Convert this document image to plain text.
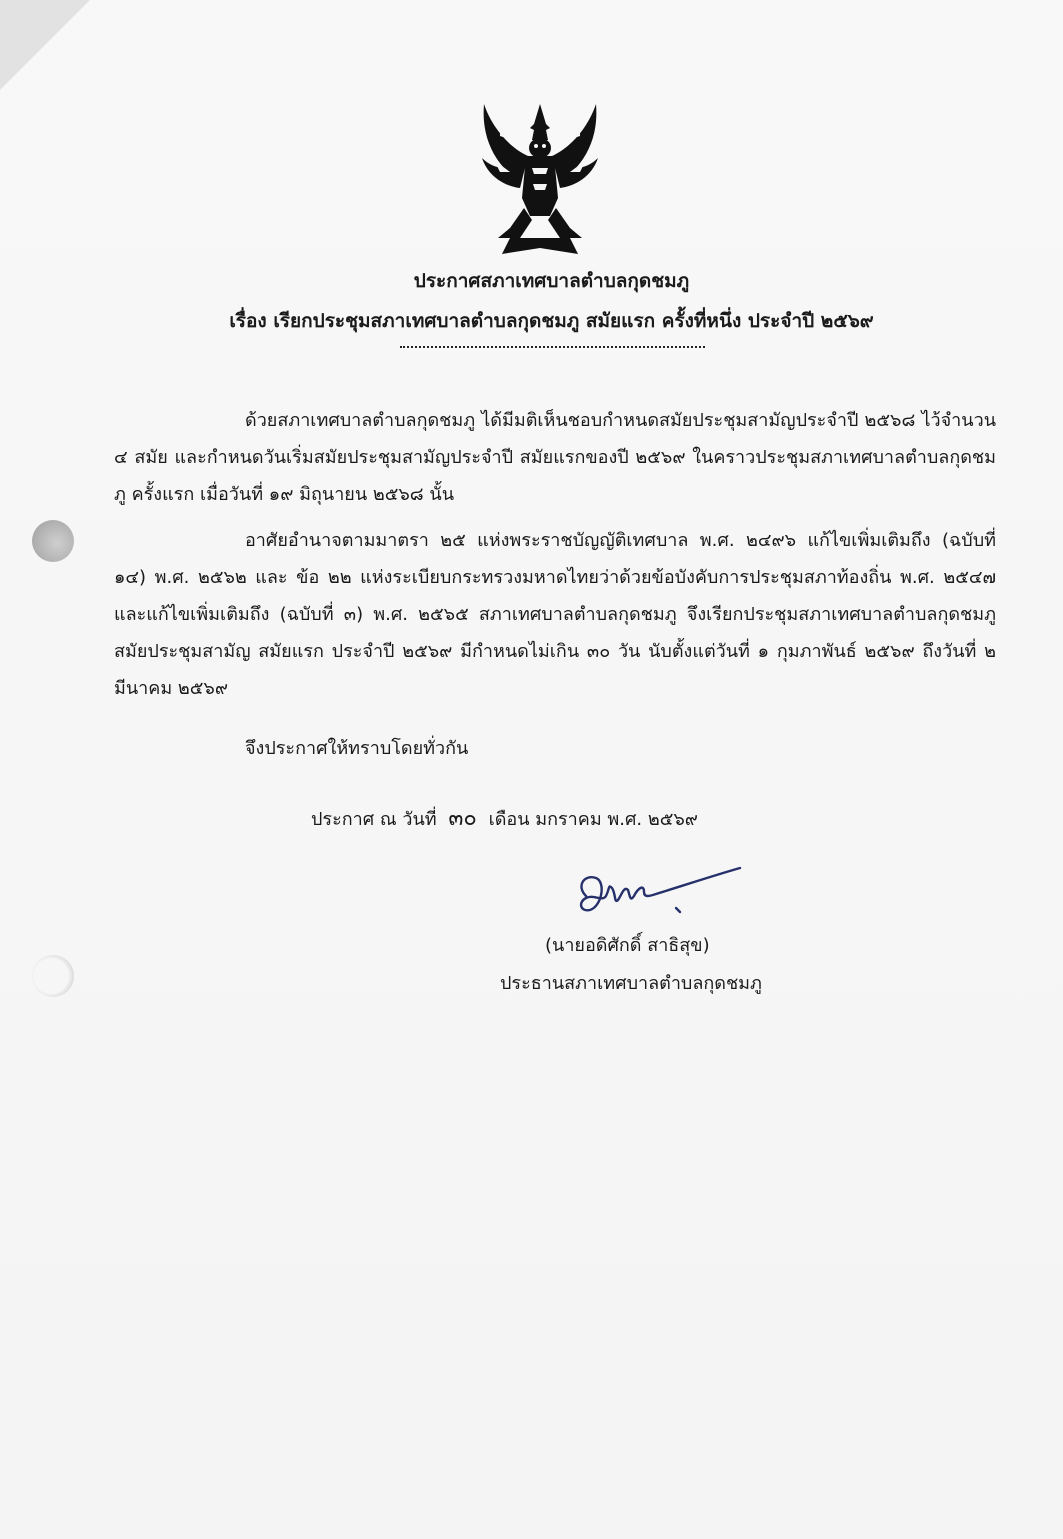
ประกาศสภาเทศบาลตำบลกุดชมภู
เรื่อง เรียกประชุมสภาเทศบาลตำบลกุดชมภู สมัยแรก ครั้งที่หนึ่ง ประจำปี ๒๕๖๙
ด้วยสภาเทศบาลตำบลกุดชมภู ได้มีมติเห็นชอบกำหนดสมัยประชุมสามัญประจำปี ๒๕๖๘ ไว้จำนวน ๔ สมัย และกำหนดวันเริ่มสมัยประชุมสามัญประจำปี สมัยแรกของปี ๒๕๖๙ ในคราวประชุมสภาเทศบาลตำบลกุดชมภู ครั้งแรก เมื่อวันที่ ๑๙ มิถุนายน ๒๕๖๘ นั้น
อาศัยอำนาจตามมาตรา ๒๕ แห่งพระราชบัญญัติเทศบาล พ.ศ. ๒๔๙๖ แก้ไขเพิ่มเติมถึง (ฉบับที่ ๑๔) พ.ศ. ๒๕๖๒ และ ข้อ ๒๒ แห่งระเบียบกระทรวงมหาดไทยว่าด้วยข้อบังคับการประชุมสภาท้องถิ่น พ.ศ. ๒๕๔๗ และแก้ไขเพิ่มเติมถึง (ฉบับที่ ๓) พ.ศ. ๒๕๖๕ สภาเทศบาลตำบลกุดชมภู จึงเรียกประชุมสภาเทศบาลตำบลกุดชมภู สมัยประชุมสามัญ สมัยแรก ประจำปี ๒๕๖๙ มีกำหนดไม่เกิน ๓๐ วัน นับตั้งแต่วันที่ ๑ กุมภาพันธ์ ๒๕๖๙ ถึงวันที่ ๒ มีนาคม ๒๕๖๙
จึงประกาศให้ทราบโดยทั่วกัน
ประกาศ ณ วันที่ ๓๐ เดือน มกราคม พ.ศ. ๒๕๖๙
(นายอดิศักดิ์ สาธิสุข)
ประธานสภาเทศบาลตำบลกุดชมภู
